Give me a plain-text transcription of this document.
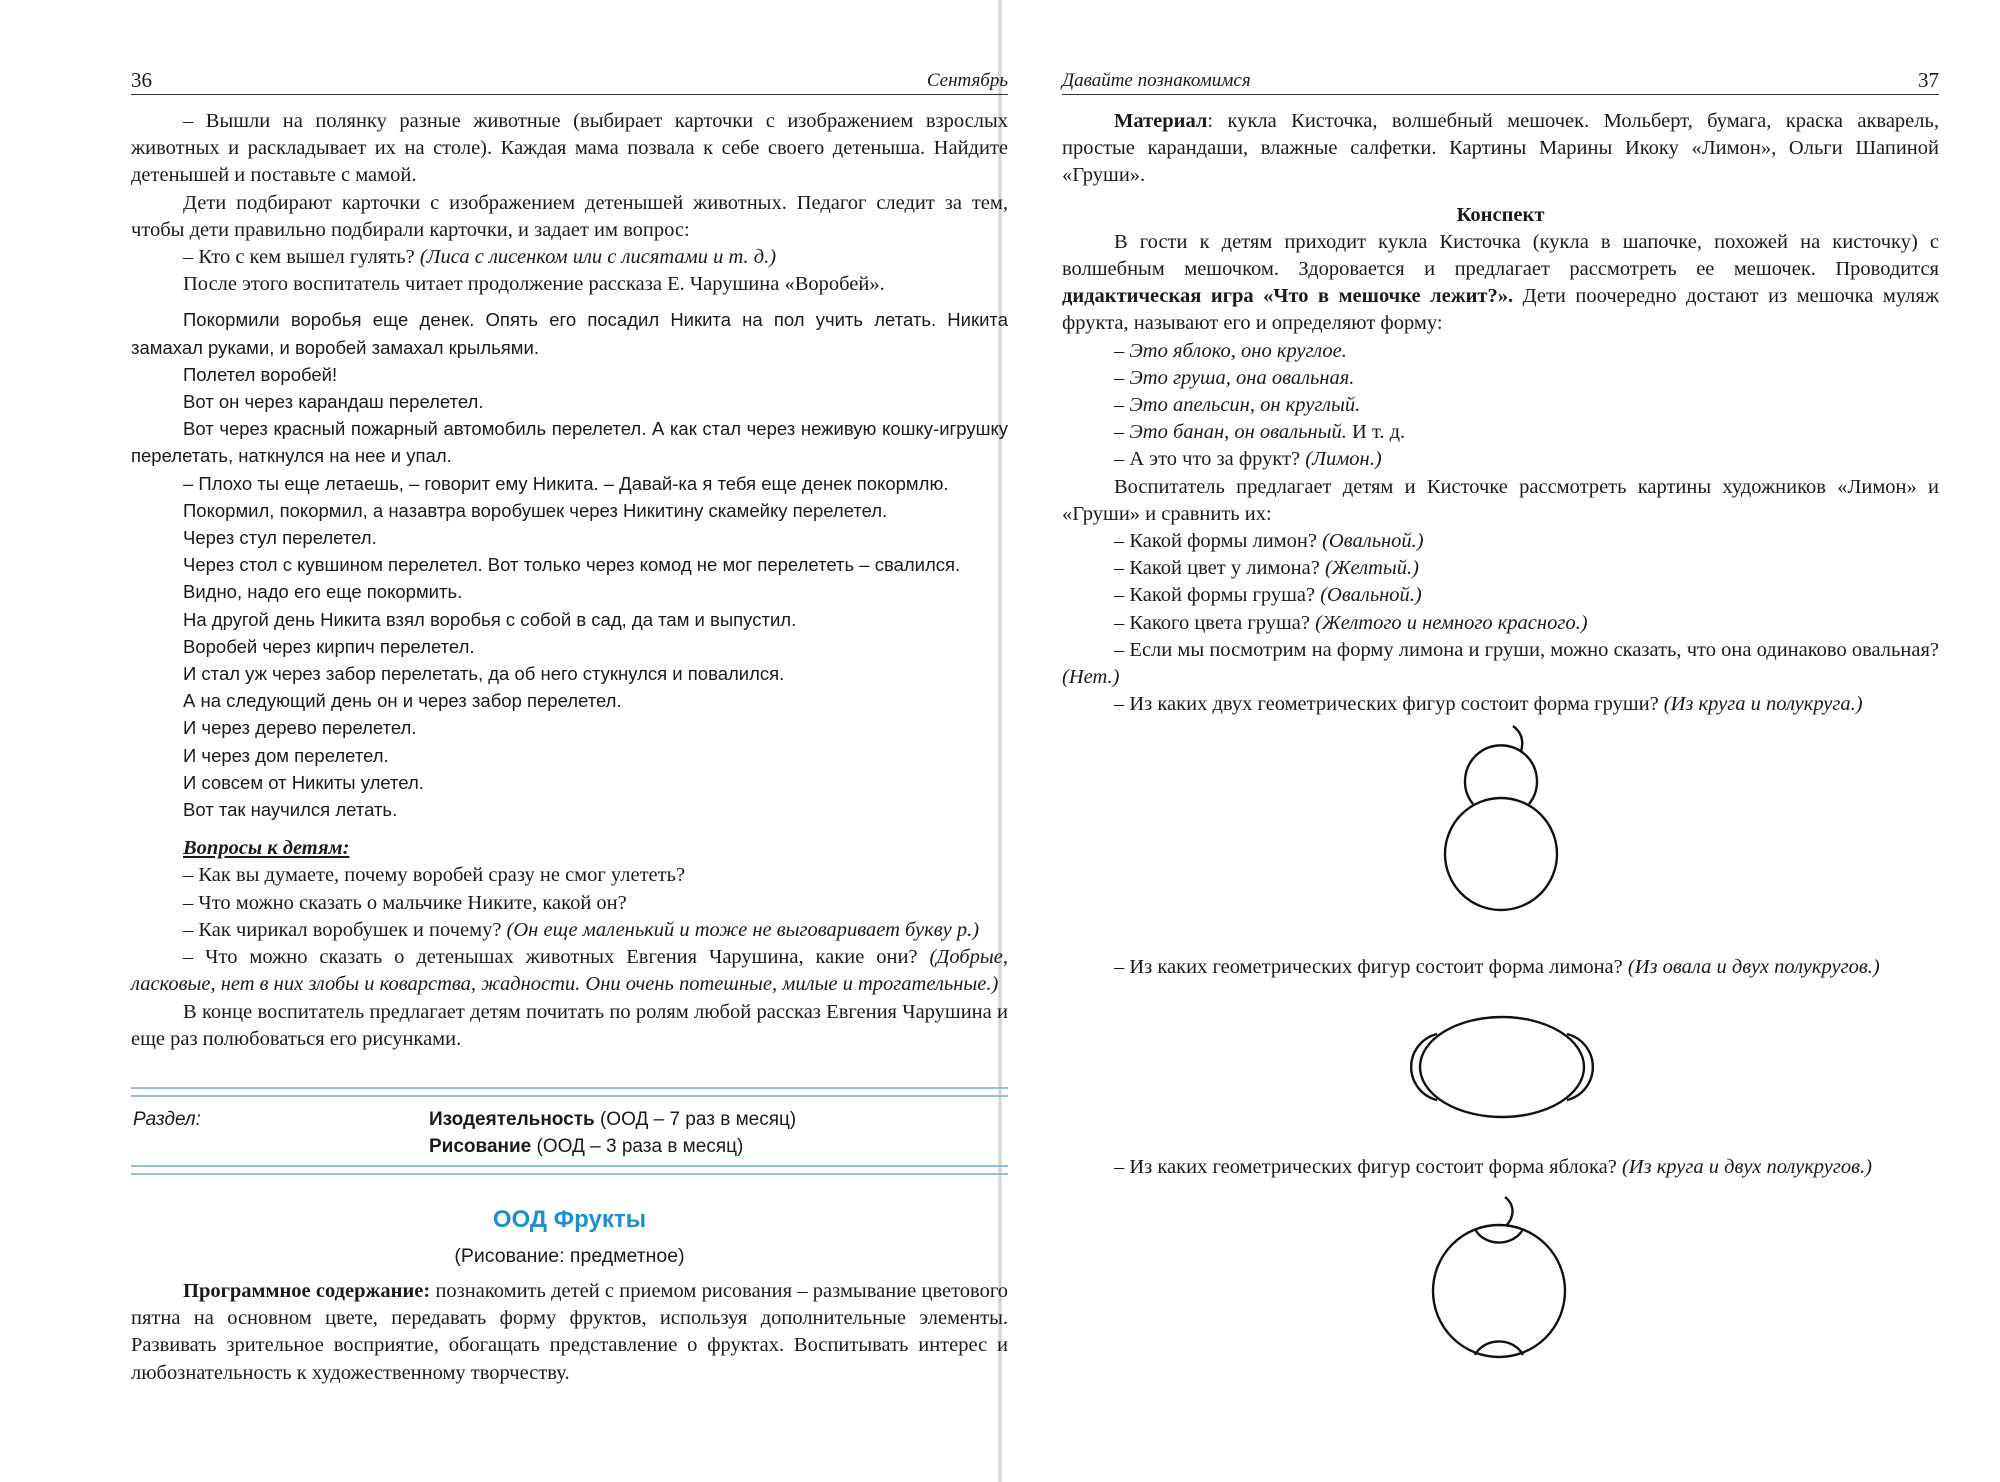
36	Сентябрь

– Вышли на полянку разные животные (выбирает карточки с изображением взрослых животных и раскладывает их на столе). Каждая мама позвала к себе своего детеныша. Найдите детенышей и поставьте с мамой.

Дети подбирают карточки с изображением детенышей животных. Педагог следит за тем, чтобы дети правильно подбирали карточки, и задает им вопрос:

– Кто с кем вышел гулять? (Лиса с лисенком или с лисятами и т. д.)

После этого воспитатель читает продолжение рассказа Е. Чарушина «Воробей».

Покормили воробья еще денек. Опять его посадил Никита на пол учить летать. Никита замахал руками, и воробей замахал крыльями.

Полетел воробей!

Вот он через карандаш перелетел.

Вот через красный пожарный автомобиль перелетел. А как стал через неживую кошку-игрушку перелетать, наткнулся на нее и упал.

– Плохо ты еще летаешь, – говорит ему Никита. – Давай-ка я тебя еще денек покормлю.

Покормил, покормил, а назавтра воробушек через Никитину скамейку перелетел.

Через стул перелетел.

Через стол с кувшином перелетел. Вот только через комод не мог перелететь – свалился.

Видно, надо его еще покормить.

На другой день Никита взял воробья с собой в сад, да там и выпустил.

Воробей через кирпич перелетел.

И стал уж через забор перелетать, да об него стукнулся и повалился.

А на следующий день он и через забор перелетел.

И через дерево перелетел.

И через дом перелетел.

И совсем от Никиты улетел.

Вот так научился летать.

Вопросы к детям:

– Как вы думаете, почему воробей сразу не смог улететь?

– Что можно сказать о мальчике Никите, какой он?

– Как чирикал воробушек и почему? (Он еще маленький и тоже не выговаривает букву р.)

– Что можно сказать о детенышах животных Евгения Чарушина, какие они? (Добрые, ласковые, нет в них злобы и коварства, жадности. Они очень потешные, милые и трогательные.)

В конце воспитатель предлагает детям почитать по ролям любой рассказ Евгения Чарушина и еще раз полюбоваться его рисунками.

Раздел:	Изодеятельность (ООД – 7 раз в месяц)
Рисование (ООД – 3 раза в месяц)
ООД Фрукты
(Рисование: предметное)

Программное содержание: познакомить детей с приемом рисования – размывание цветового пятна на основном цвете, передавать форму фруктов, используя дополнительные элементы. Развивать зрительное восприятие, обогащать представление о фруктах. Воспитывать интерес и любознательность к художественному творчеству.

Давайте познакомимся	37

Материал: кукла Кисточка, волшебный мешочек. Мольберт, бумага, краска акварель, простые карандаши, влажные салфетки. Картины Марины Икоку «Лимон», Ольги Шапиной «Груши».

Конспект

В гости к детям приходит кукла Кисточка (кукла в шапочке, похожей на кисточку) с волшебным мешочком. Здоровается и предлагает рассмотреть ее мешочек. Проводится дидактическая игра «Что в мешочке лежит?». Дети поочередно достают из мешочка муляж фрукта, называют его и определяют форму:

– Это яблоко, оно круглое.

– Это груша, она овальная.

– Это апельсин, он круглый.

– Это банан, он овальный. И т. д.

– А это что за фрукт? (Лимон.)

Воспитатель предлагает детям и Кисточке рассмотреть картины художников «Лимон» и «Груши» и сравнить их:

– Какой формы лимон? (Овальной.)

– Какой цвет у лимона? (Желтый.)

– Какой формы груша? (Овальной.)

– Какого цвета груша? (Желтого и немного красного.)

– Если мы посмотрим на форму лимона и груши, можно сказать, что она одинаково овальная? (Нет.)

– Из каких двух геометрических фигур состоит форма груши? (Из круга и полукруга.)

– Из каких геометрических фигур состоит форма лимона? (Из овала и двух полукругов.)

– Из каких геометрических фигур состоит форма яблока? (Из круга и двух полукругов.)
